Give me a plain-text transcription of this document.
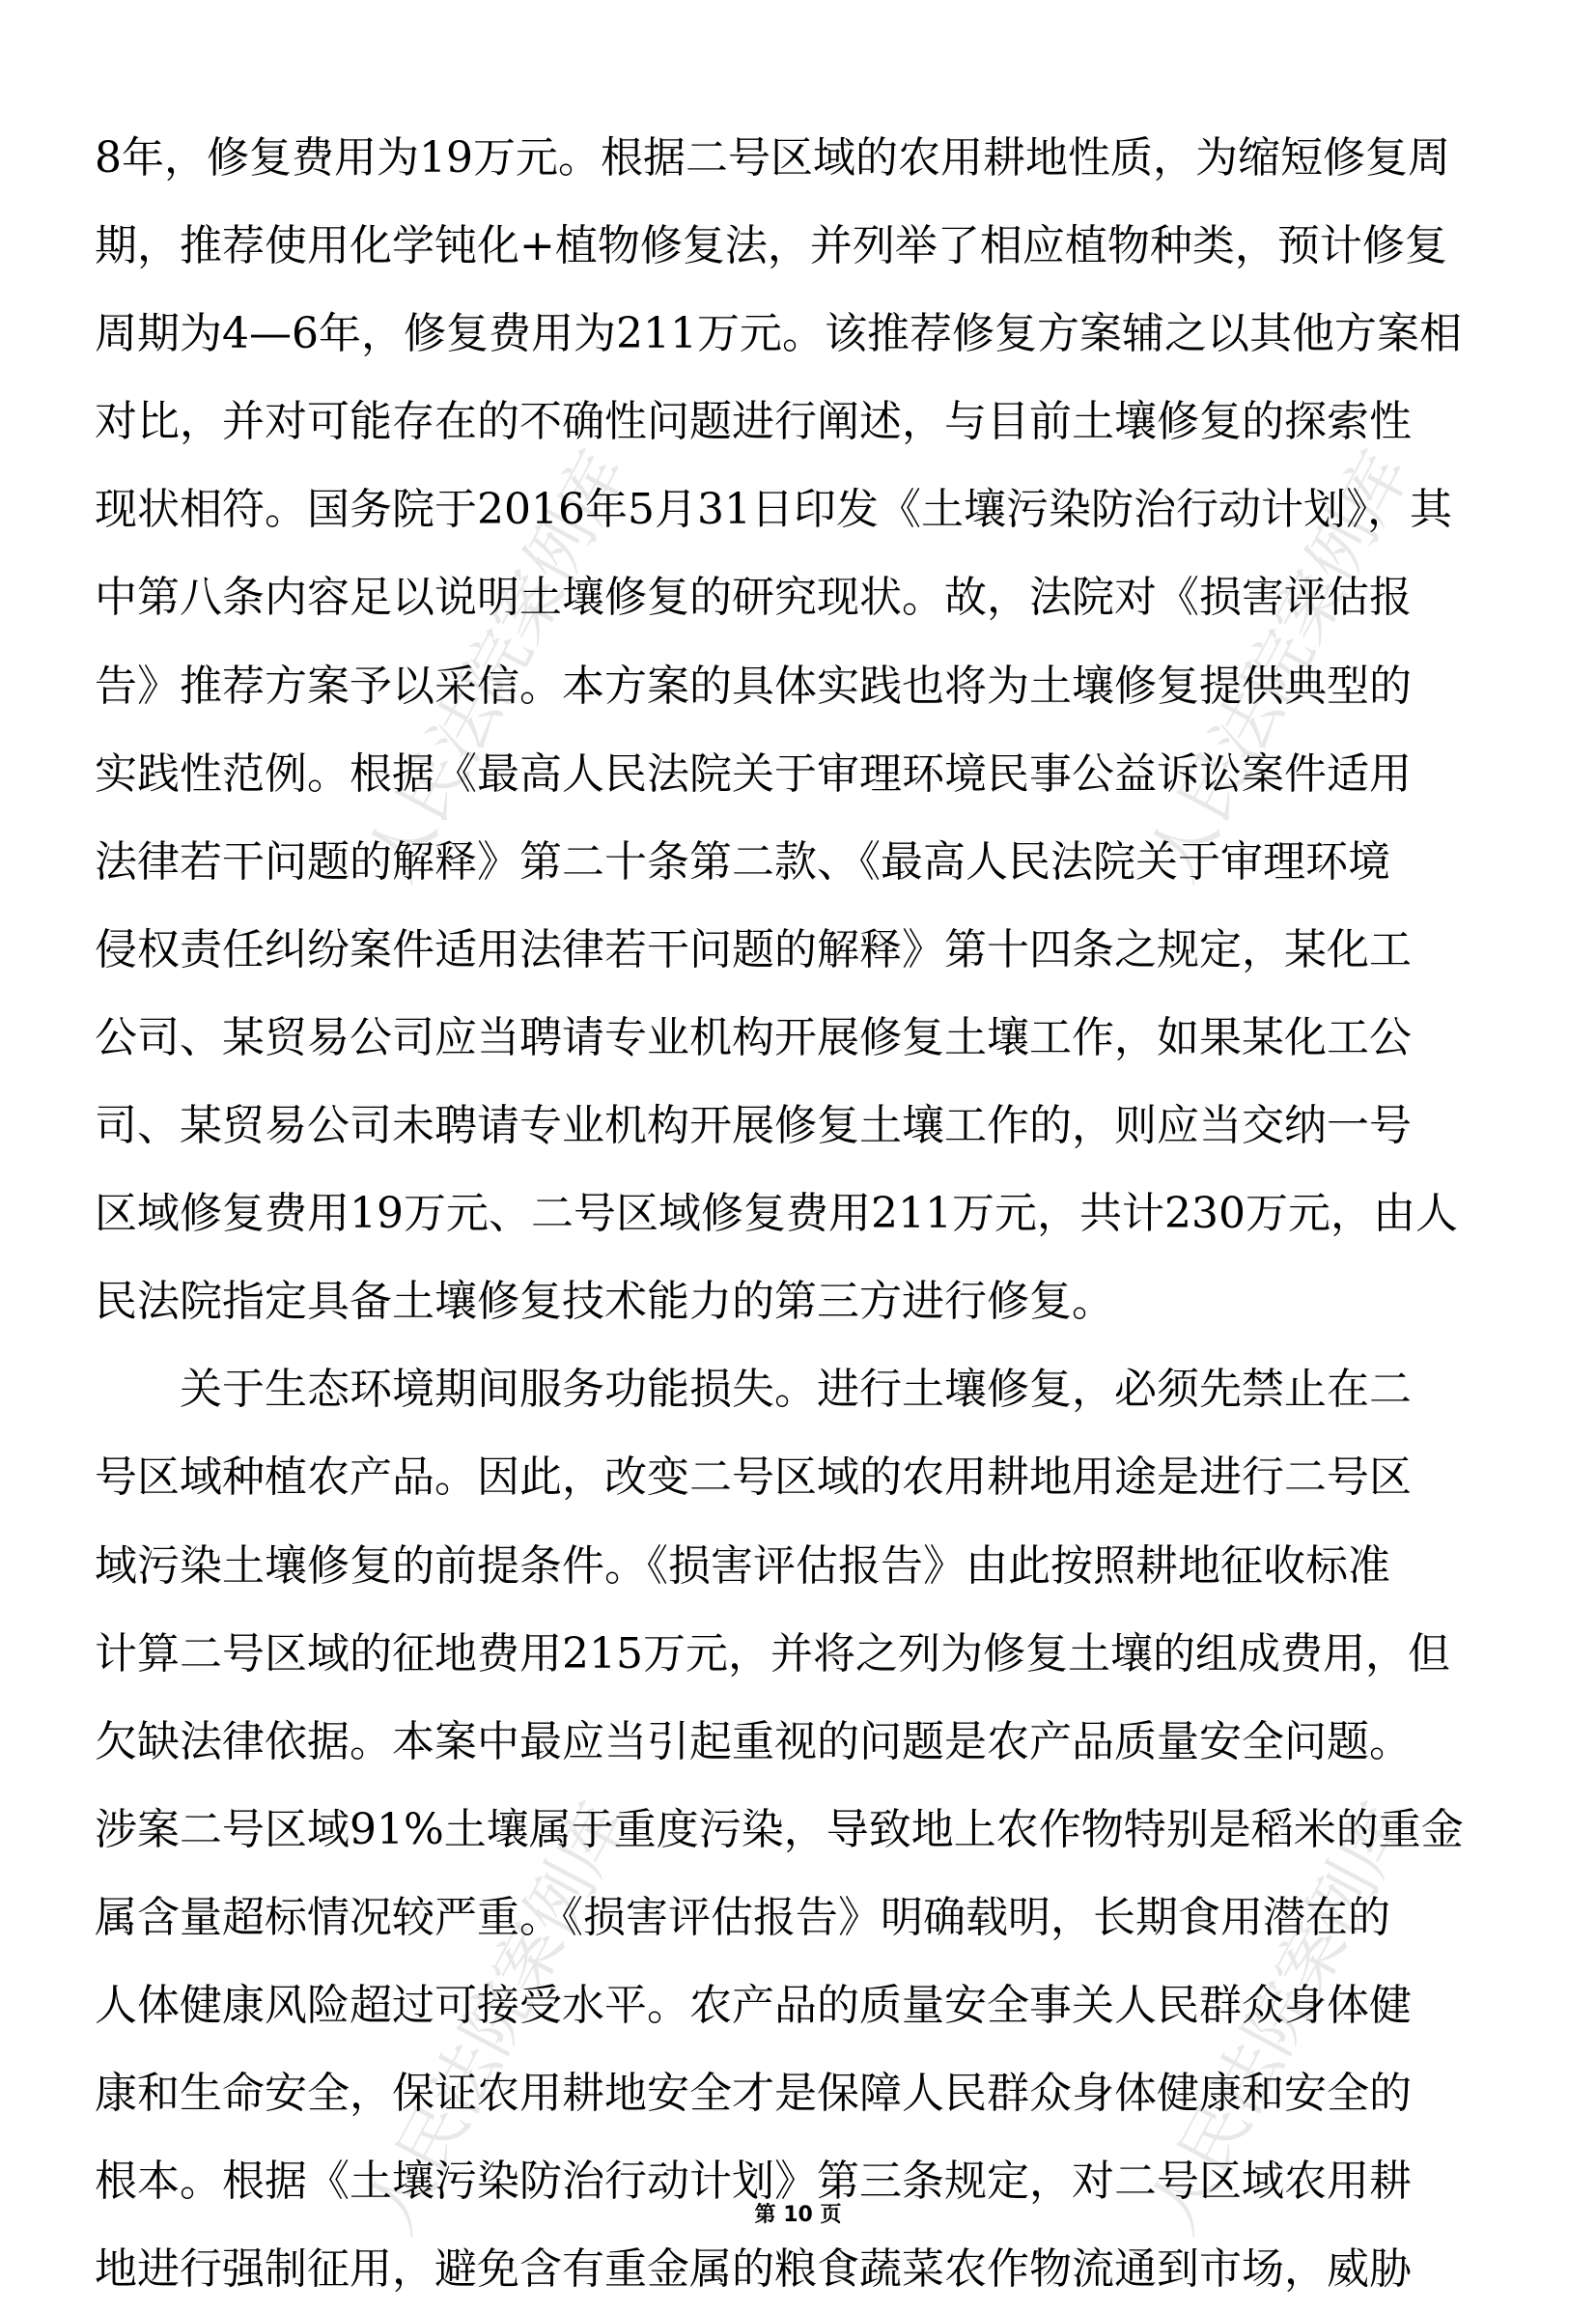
人民法院案例库	人民法院案例库
人民法院案例库	人民法院案例库
8年，修复费用为19万元。根据二号区域的农用耕地性质，为缩短修复周
期，推荐使用化学钝化+植物修复法，并列举了相应植物种类，预计修复
周期为4—6年，修复费用为211万元。该推荐修复方案辅之以其他方案相
对比，并对可能存在的不确性问题进行阐述，与目前土壤修复的探索性
现状相符。国务院于2016年5月31日印发《土壤污染防治行动计划》，其
中第八条内容足以说明土壤修复的研究现状。故，法院对《损害评估报
告》推荐方案予以采信。本方案的具体实践也将为土壤修复提供典型的
实践性范例。根据《最高人民法院关于审理环境民事公益诉讼案件适用
法律若干问题的解释》第二十条第二款、《最高人民法院关于审理环境
侵权责任纠纷案件适用法律若干问题的解释》第十四条之规定，某化工
公司、某贸易公司应当聘请专业机构开展修复土壤工作，如果某化工公
司、某贸易公司未聘请专业机构开展修复土壤工作的，则应当交纳一号
区域修复费用19万元、二号区域修复费用211万元，共计230万元，由人
民法院指定具备土壤修复技术能力的第三方进行修复。
　　关于生态环境期间服务功能损失。进行土壤修复，必须先禁止在二
号区域种植农产品。因此，改变二号区域的农用耕地用途是进行二号区
域污染土壤修复的前提条件。《损害评估报告》由此按照耕地征收标准
计算二号区域的征地费用215万元，并将之列为修复土壤的组成费用，但
欠缺法律依据。本案中最应当引起重视的问题是农产品质量安全问题。
涉案二号区域91%土壤属于重度污染，导致地上农作物特别是稻米的重金
属含量超标情况较严重。《损害评估报告》明确载明，长期食用潜在的
人体健康风险超过可接受水平。农产品的质量安全事关人民群众身体健
康和生命安全，保证农用耕地安全才是保障人民群众身体健康和安全的
根本。根据《土壤污染防治行动计划》第三条规定，对二号区域农用耕
地进行强制征用，避免含有重金属的粮食蔬菜农作物流通到市场，威胁
第 10 页
